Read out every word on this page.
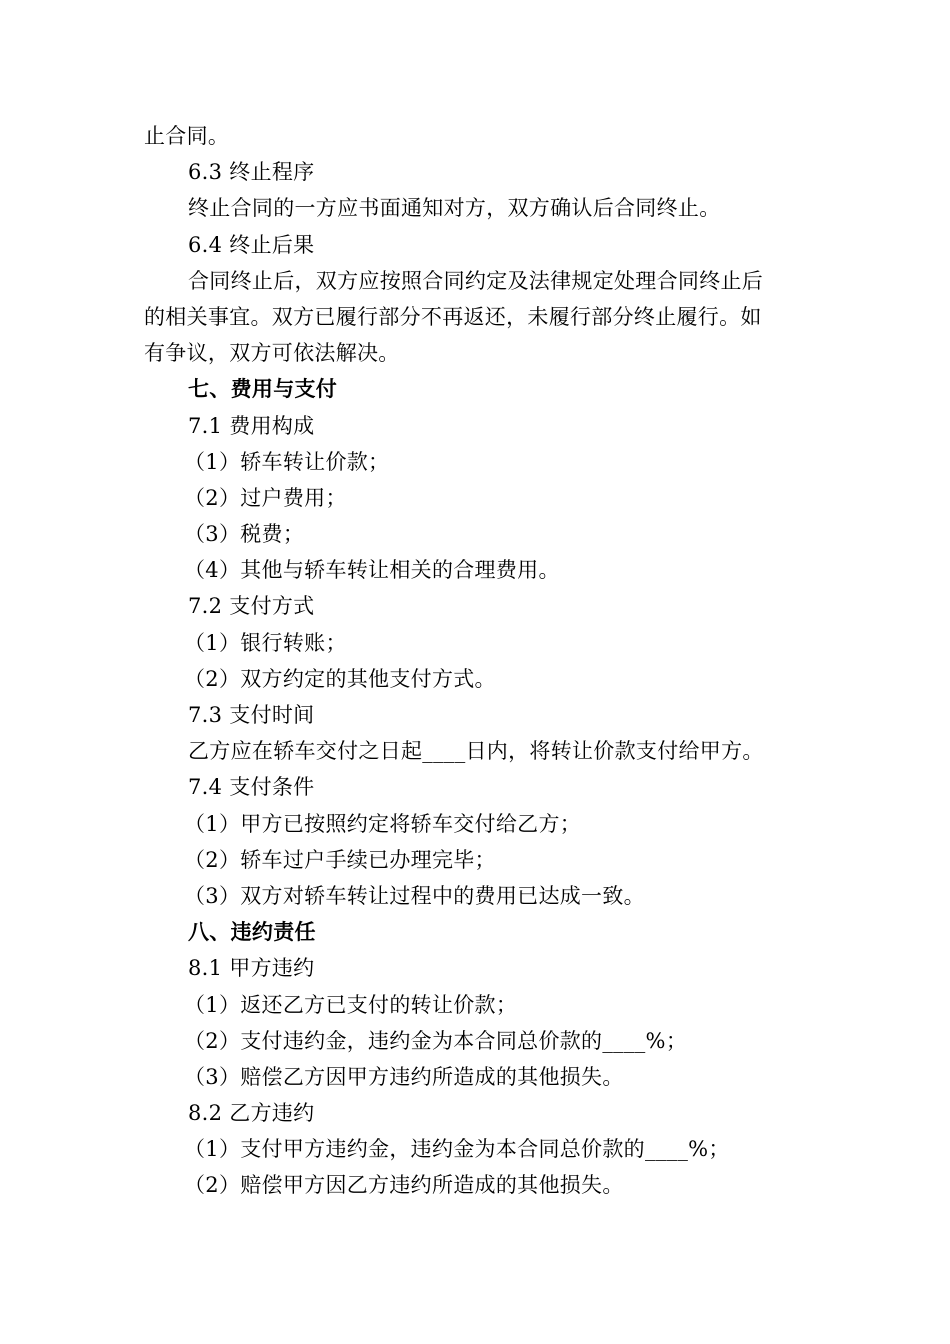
止合同。
6.3 终止程序
终止合同的一方应书面通知对方，双方确认后合同终止。
6.4 终止后果
合同终止后，双方应按照合同约定及法律规定处理合同终止后
的相关事宜。双方已履行部分不再返还，未履行部分终止履行。如
有争议，双方可依法解决。
七、费用与支付
7.1 费用构成
（1）轿车转让价款；
（2）过户费用；
（3）税费；
（4）其他与轿车转让相关的合理费用。
7.2 支付方式
（1）银行转账；
（2）双方约定的其他支付方式。
7.3 支付时间
乙方应在轿车交付之日起____日内，将转让价款支付给甲方。
7.4 支付条件
（1）甲方已按照约定将轿车交付给乙方；
（2）轿车过户手续已办理完毕；
（3）双方对轿车转让过程中的费用已达成一致。
八、违约责任
8.1 甲方违约
（1）返还乙方已支付的转让价款；
（2）支付违约金，违约金为本合同总价款的____%；
（3）赔偿乙方因甲方违约所造成的其他损失。
8.2 乙方违约
（1）支付甲方违约金，违约金为本合同总价款的____%；
（2）赔偿甲方因乙方违约所造成的其他损失。
